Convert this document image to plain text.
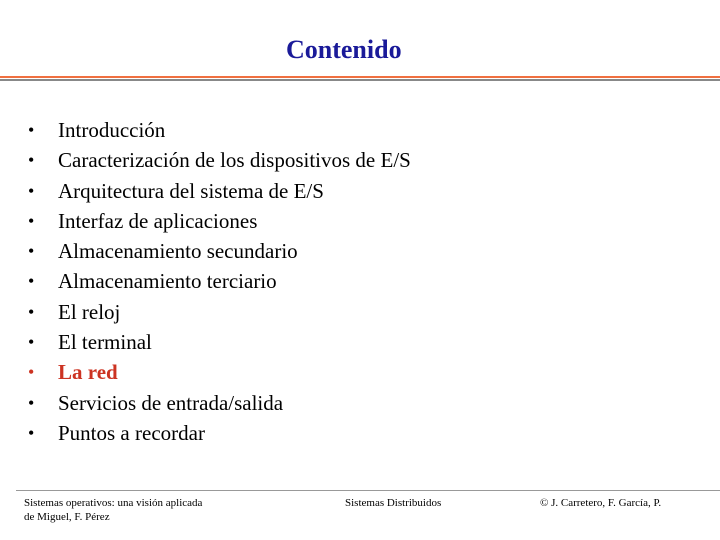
Contenido
• Introducción
• Caracterización de los dispositivos de E/S
• Arquitectura del sistema de E/S
• Interfaz de aplicaciones
• Almacenamiento secundario
• Almacenamiento terciario
• El reloj
• El terminal
• La red
• Servicios de entrada/salida
• Puntos a recordar
Sistemas operativos: una visión aplicada
de Miguel, F. Pérez
Sistemas Distribuidos	© J. Carretero, F. García, P.
